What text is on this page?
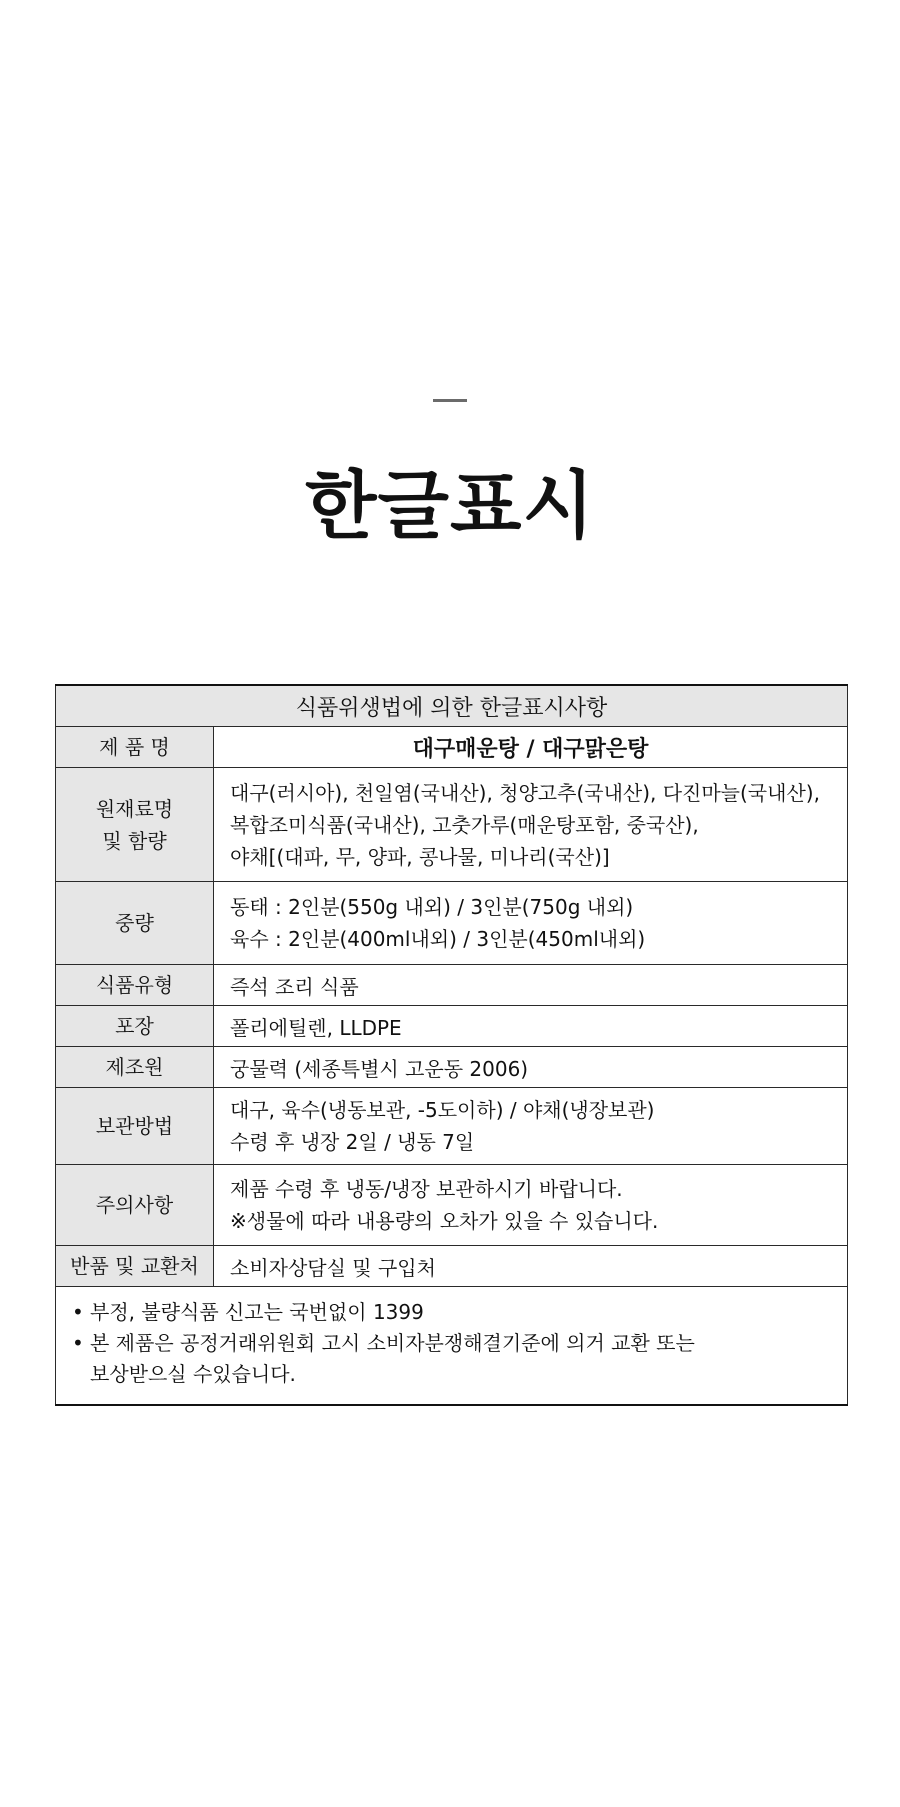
한글표시
식품위생법에 의한 한글표시사항	
제 품 명	대구매운탕 / 대구맑은탕

원재료명
및 함량	대구(러시아), 천일염(국내산), 청양고추(국내산), 다진마늘(국내산),
복합조미식품(국내산), 고춧가루(매운탕포함, 중국산),
야채[(대파, 무, 양파, 콩나물, 미나리(국산)]

중량	동태 : 2인분(550g 내외) / 3인분(750g 내외)
육수 : 2인분(400ml내외) / 3인분(450ml내외)

식품유형	즉석 조리 식품
포장	폴리에틸렌, LLDPE
제조원	궁물력 (세종특별시 고운동 2006)
보관방법	대구, 육수(냉동보관, -5도이하) / 야채(냉장보관)
수령 후 냉장 2일 / 냉동 7일

주의사항	제품 수령 후 냉동/냉장 보관하시기 바랍니다.
※생물에 따라 내용량의 오차가 있을 수 있습니다.

반품 및 교환처	소비자상담실 및 구입처

• 부정, 불량식품 신고는 국번없이 1399
• 본 제품은 공정거래위원회 고시 소비자분쟁해결기준에 의거 교환 또는
보상받으실 수있습니다.
